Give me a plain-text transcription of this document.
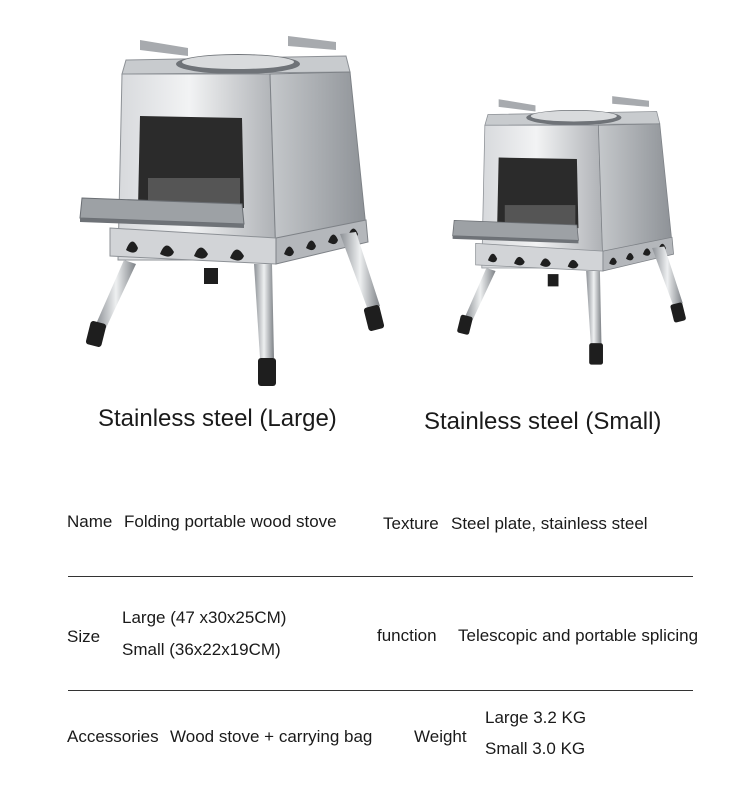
Stainless steel (Large)	Stainless steel (Small)
Name Folding portable wood stove	Texture Steel plate, stainless steel
Size
Large (47 x30x25CM)
Small (36x22x19CM)
function Telescopic and portable splicing
Accessories Wood stove + carrying bag Weight
Large 3.2 KG
Small 3.0 KG
